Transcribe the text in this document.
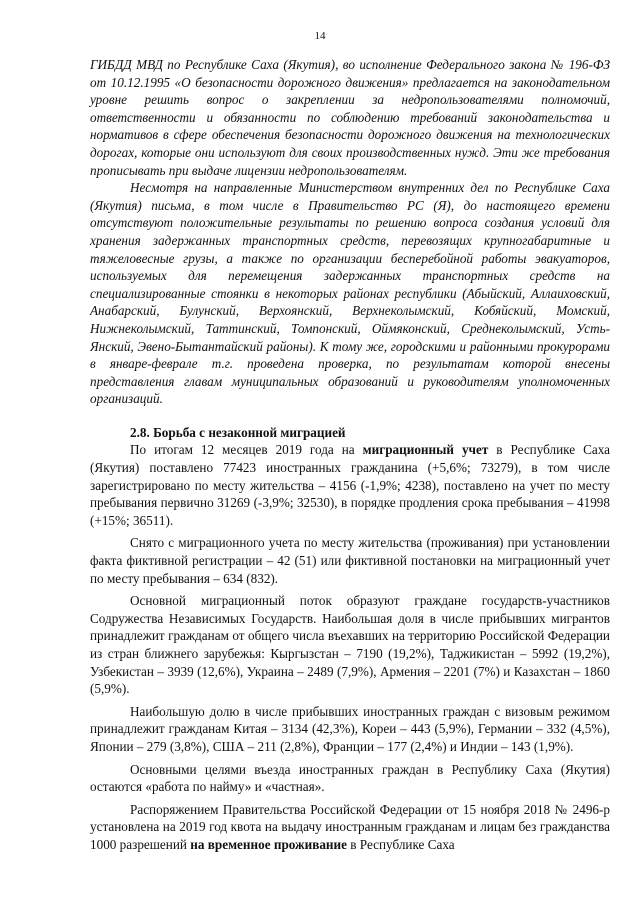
14

ГИБДД МВД по Республике Саха (Якутия), во исполнение Федерального закона № 196-ФЗ от 10.12.1995 «О безопасности дорожного движения» предлагается на законодательном уровне решить вопрос о закреплении за недропользователями полномочий, ответственности и обязанности по соблюдению требований законодательства и нормативов в сфере обеспечения безопасности дорожного движения на технологических дорогах, которые они используют для своих производственных нужд. Эти же требования прописывать при выдаче лицензии недропользователям.

Несмотря на направленные Министерством внутренних дел по Республике Саха (Якутия) письма, в том числе в Правительство РС (Я), до настоящего времени отсутствуют положительные результаты по решению вопроса создания условий для хранения задержанных транспортных средств, перевозящих крупногабаритные и тяжеловесные грузы, а также по организации бесперебойной работы эвакуаторов, используемых для перемещения задержанных транспортных средств на специализированные стоянки в некоторых районах республики (Абыйский, Аллаиховский, Анабарский, Булунский, Верхоянский, Верхнеколымский, Кобяйский, Момский, Нижнеколымский, Таттинский, Томпонский, Оймяконский, Среднеколымский, Усть-Янский, Эвено-Бытантайский районы). К тому же, городскими и районными прокурорами в январе-феврале т.г. проведена проверка, по результатам которой внесены представления главам муниципальных образований и руководителям уполномоченных организаций.

2.8. Борьба с незаконной миграцией

По итогам 12 месяцев 2019 года на миграционный учет в Республике Саха (Якутия) поставлено 77423 иностранных гражданина (+5,6%; 73279), в том числе зарегистрировано по месту жительства – 4156 (-1,9%; 4238), поставлено на учет по месту пребывания первично 31269 (-3,9%; 32530), в порядке продления срока пребывания – 41998 (+15%; 36511).

Снято с миграционного учета по месту жительства (проживания) при установлении факта фиктивной регистрации – 42 (51) или фиктивной постановки на миграционный учет по месту пребывания – 634 (832).

Основной миграционный поток образуют граждане государств-участников Содружества Независимых Государств. Наибольшая доля в числе прибывших мигрантов принадлежит гражданам от общего числа въехавших на территорию Российской Федерации из стран ближнего зарубежья: Кыргызстан – 7190 (19,2%), Таджикистан – 5992 (19,2%), Узбекистан – 3939 (12,6%), Украина – 2489 (7,9%), Армения – 2201 (7%) и Казахстан – 1860 (5,9%).

Наибольшую долю в числе прибывших иностранных граждан с визовым режимом принадлежит гражданам Китая – 3134 (42,3%), Кореи – 443 (5,9%), Германии – 332 (4,5%), Японии – 279 (3,8%), США – 211 (2,8%), Франции – 177 (2,4%) и Индии – 143 (1,9%).

Основными целями въезда иностранных граждан в Республику Саха (Якутия) остаются «работа по найму» и «частная».

Распоряжением Правительства Российской Федерации от 15 ноября 2018 № 2496-р установлена на 2019 год квота на выдачу иностранным гражданам и лицам без гражданства 1000 разрешений на временное проживание в Республике Саха
